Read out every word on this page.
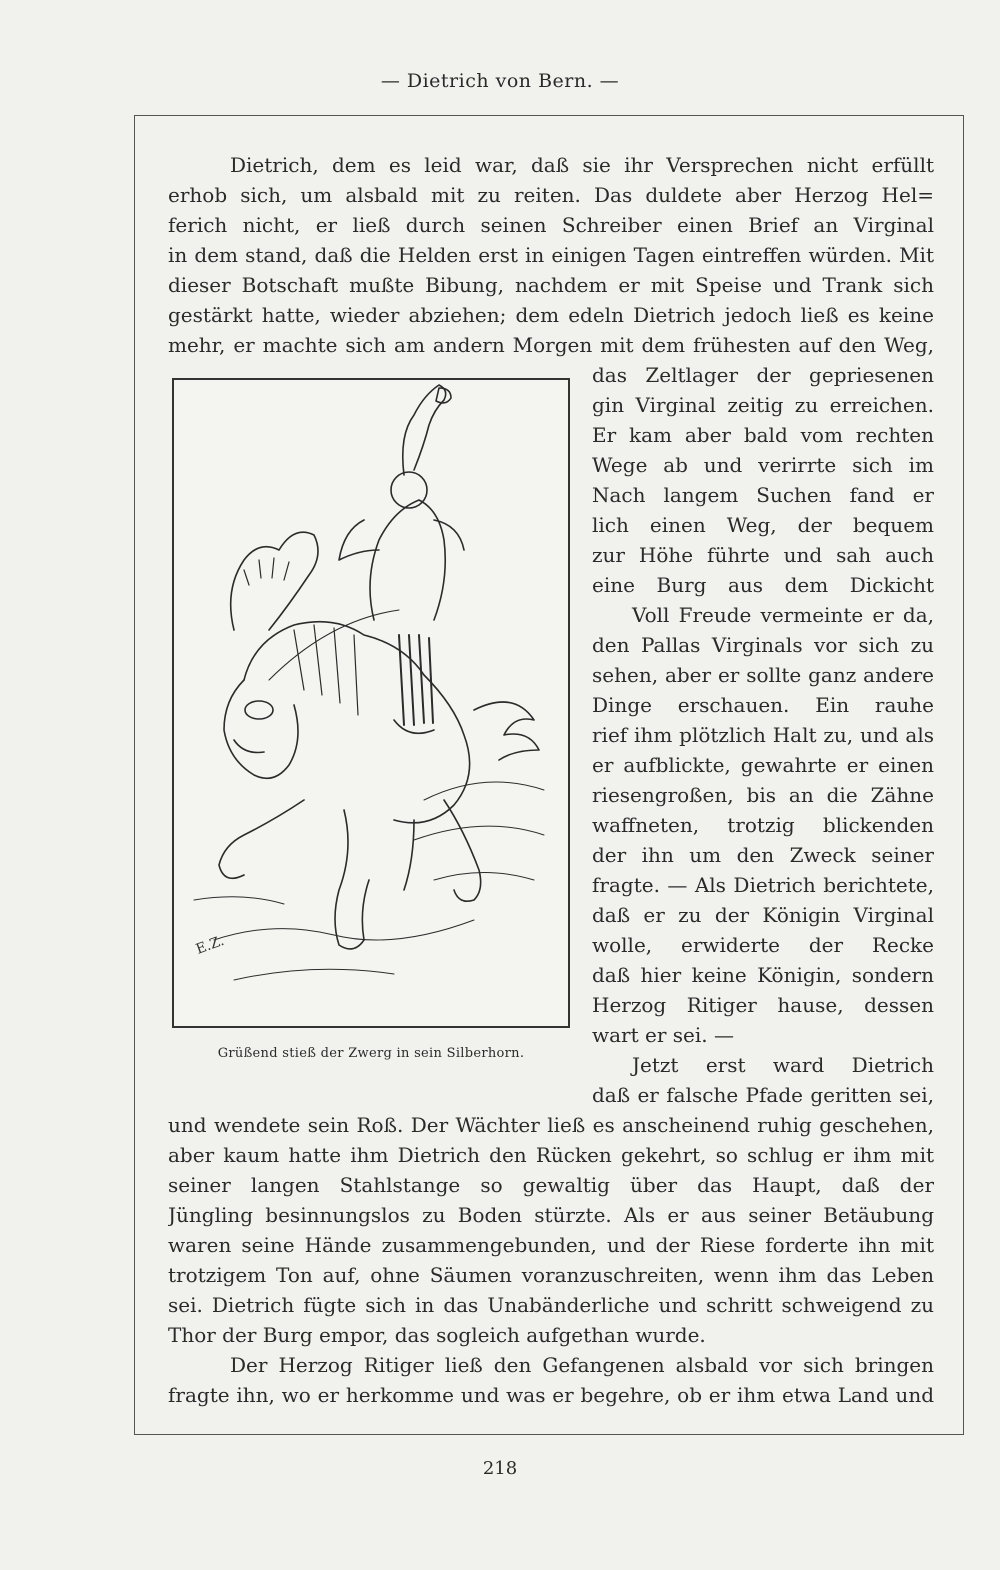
— Dietrich von Bern. —
Dietrich, dem es leid war, daß sie ihr Versprechen nicht erfüllt
erhob sich, um alsbald mit zu reiten. Das duldete aber Herzog Hel=
ferich nicht, er ließ durch seinen Schreiber einen Brief an Virginal
in dem stand, daß die Helden erst in einigen Tagen eintreffen würden. Mit
dieser Botschaft mußte Bibung, nachdem er mit Speise und Trank sich
gestärkt hatte, wieder abziehen; dem edeln Dietrich jedoch ließ es keine
mehr, er machte sich am andern Morgen mit dem frühesten auf den Weg,
das Zeltlager der gepriesenen
gin Virginal zeitig zu erreichen.
Er kam aber bald vom rechten
Wege ab und verirrte sich im
Nach langem Suchen fand er
lich einen Weg, der bequem
zur Höhe führte und sah auch
eine Burg aus dem Dickicht
Voll Freude vermeinte er da,
den Pallas Virginals vor sich zu
sehen, aber er sollte ganz andere
Dinge erschauen. Ein rauhe
rief ihm plötzlich Halt zu, und als
er aufblickte, gewahrte er einen
riesengroßen, bis an die Zähne
waffneten, trotzig blickenden
der ihn um den Zweck seiner
fragte. — Als Dietrich berichtete,
daß er zu der Königin Virginal
wolle, erwiderte der Recke
daß hier keine Königin, sondern
Herzog Ritiger hause, dessen
wart er sei. —
Jetzt erst ward Dietrich
daß er falsche Pfade geritten sei,
E.Z.
Grüßend stieß der Zwerg in sein Silberhorn.
und wendete sein Roß. Der Wächter ließ es anscheinend ruhig geschehen,
aber kaum hatte ihm Dietrich den Rücken gekehrt, so schlug er ihm mit
seiner langen Stahlstange so gewaltig über das Haupt, daß der
Jüngling besinnungslos zu Boden stürzte. Als er aus seiner Betäubung
waren seine Hände zusammengebunden, und der Riese forderte ihn mit
trotzigem Ton auf, ohne Säumen voranzuschreiten, wenn ihm das Leben
sei. Dietrich fügte sich in das Unabänderliche und schritt schweigend zu
Thor der Burg empor, das sogleich aufgethan wurde.
Der Herzog Ritiger ließ den Gefangenen alsbald vor sich bringen
fragte ihn, wo er herkomme und was er begehre, ob er ihm etwa Land und
218
